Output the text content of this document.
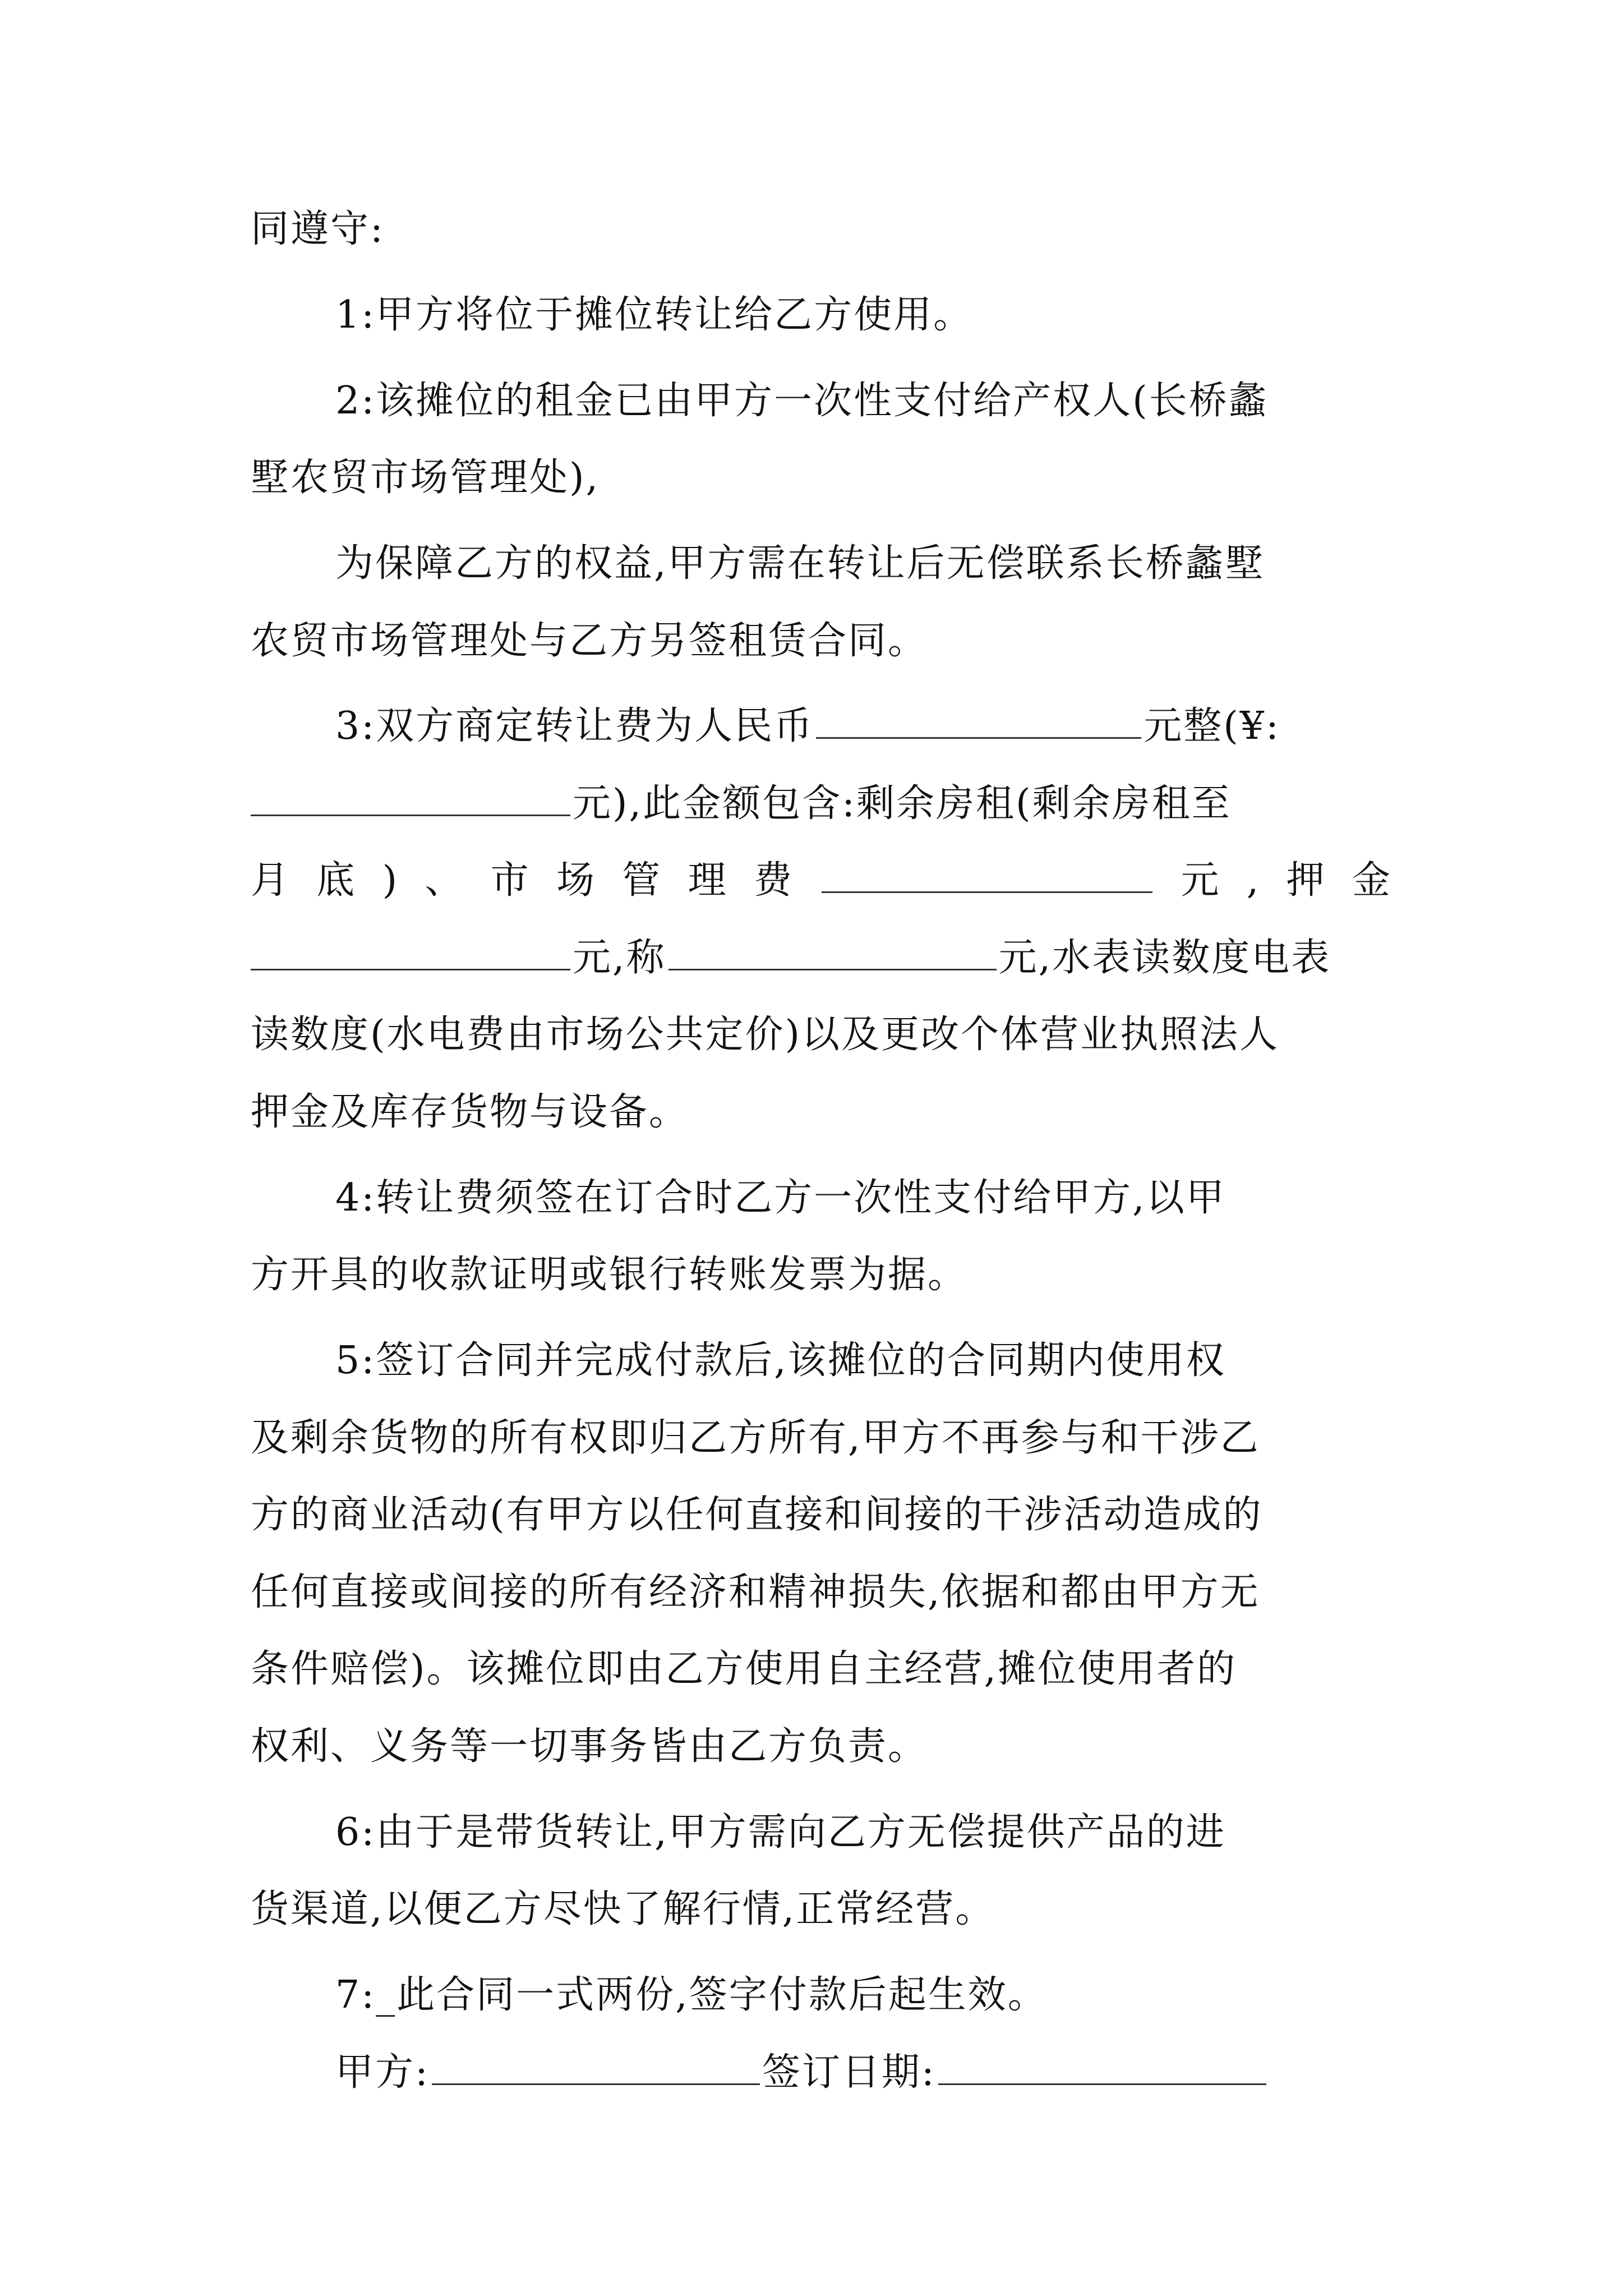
同遵守:
1:甲方将位于摊位转让给乙方使用。
2:该摊位的租金已由甲方一次性支付给产权人(长桥蠡
墅农贸市场管理处),
为保障乙方的权益,甲方需在转让后无偿联系长桥蠡墅
农贸市场管理处与乙方另签租赁合同。
3:双方商定转让费为人民币	元整(¥:
元),此金额包含:剩余房租(剩余房租至
月 底 ) 、 市 场 管 理 费	元 , 押 金
元,称	元,水表读数度电表
读数度(水电费由市场公共定价)以及更改个体营业执照法人
押金及库存货物与设备。
4:转让费须签在订合时乙方一次性支付给甲方,以甲
方开具的收款证明或银行转账发票为据。
5:签订合同并完成付款后,该摊位的合同期内使用权
及剩余货物的所有权即归乙方所有,甲方不再参与和干涉乙
方的商业活动(有甲方以任何直接和间接的干涉活动造成的
任何直接或间接的所有经济和精神损失,依据和都由甲方无
条件赔偿)。该摊位即由乙方使用自主经营,摊位使用者的
权利、义务等一切事务皆由乙方负责。
6:由于是带货转让,甲方需向乙方无偿提供产品的进
货渠道,以便乙方尽快了解行情,正常经营。
7:_此合同一式两份,签字付款后起生效。
甲方:	签订日期:
